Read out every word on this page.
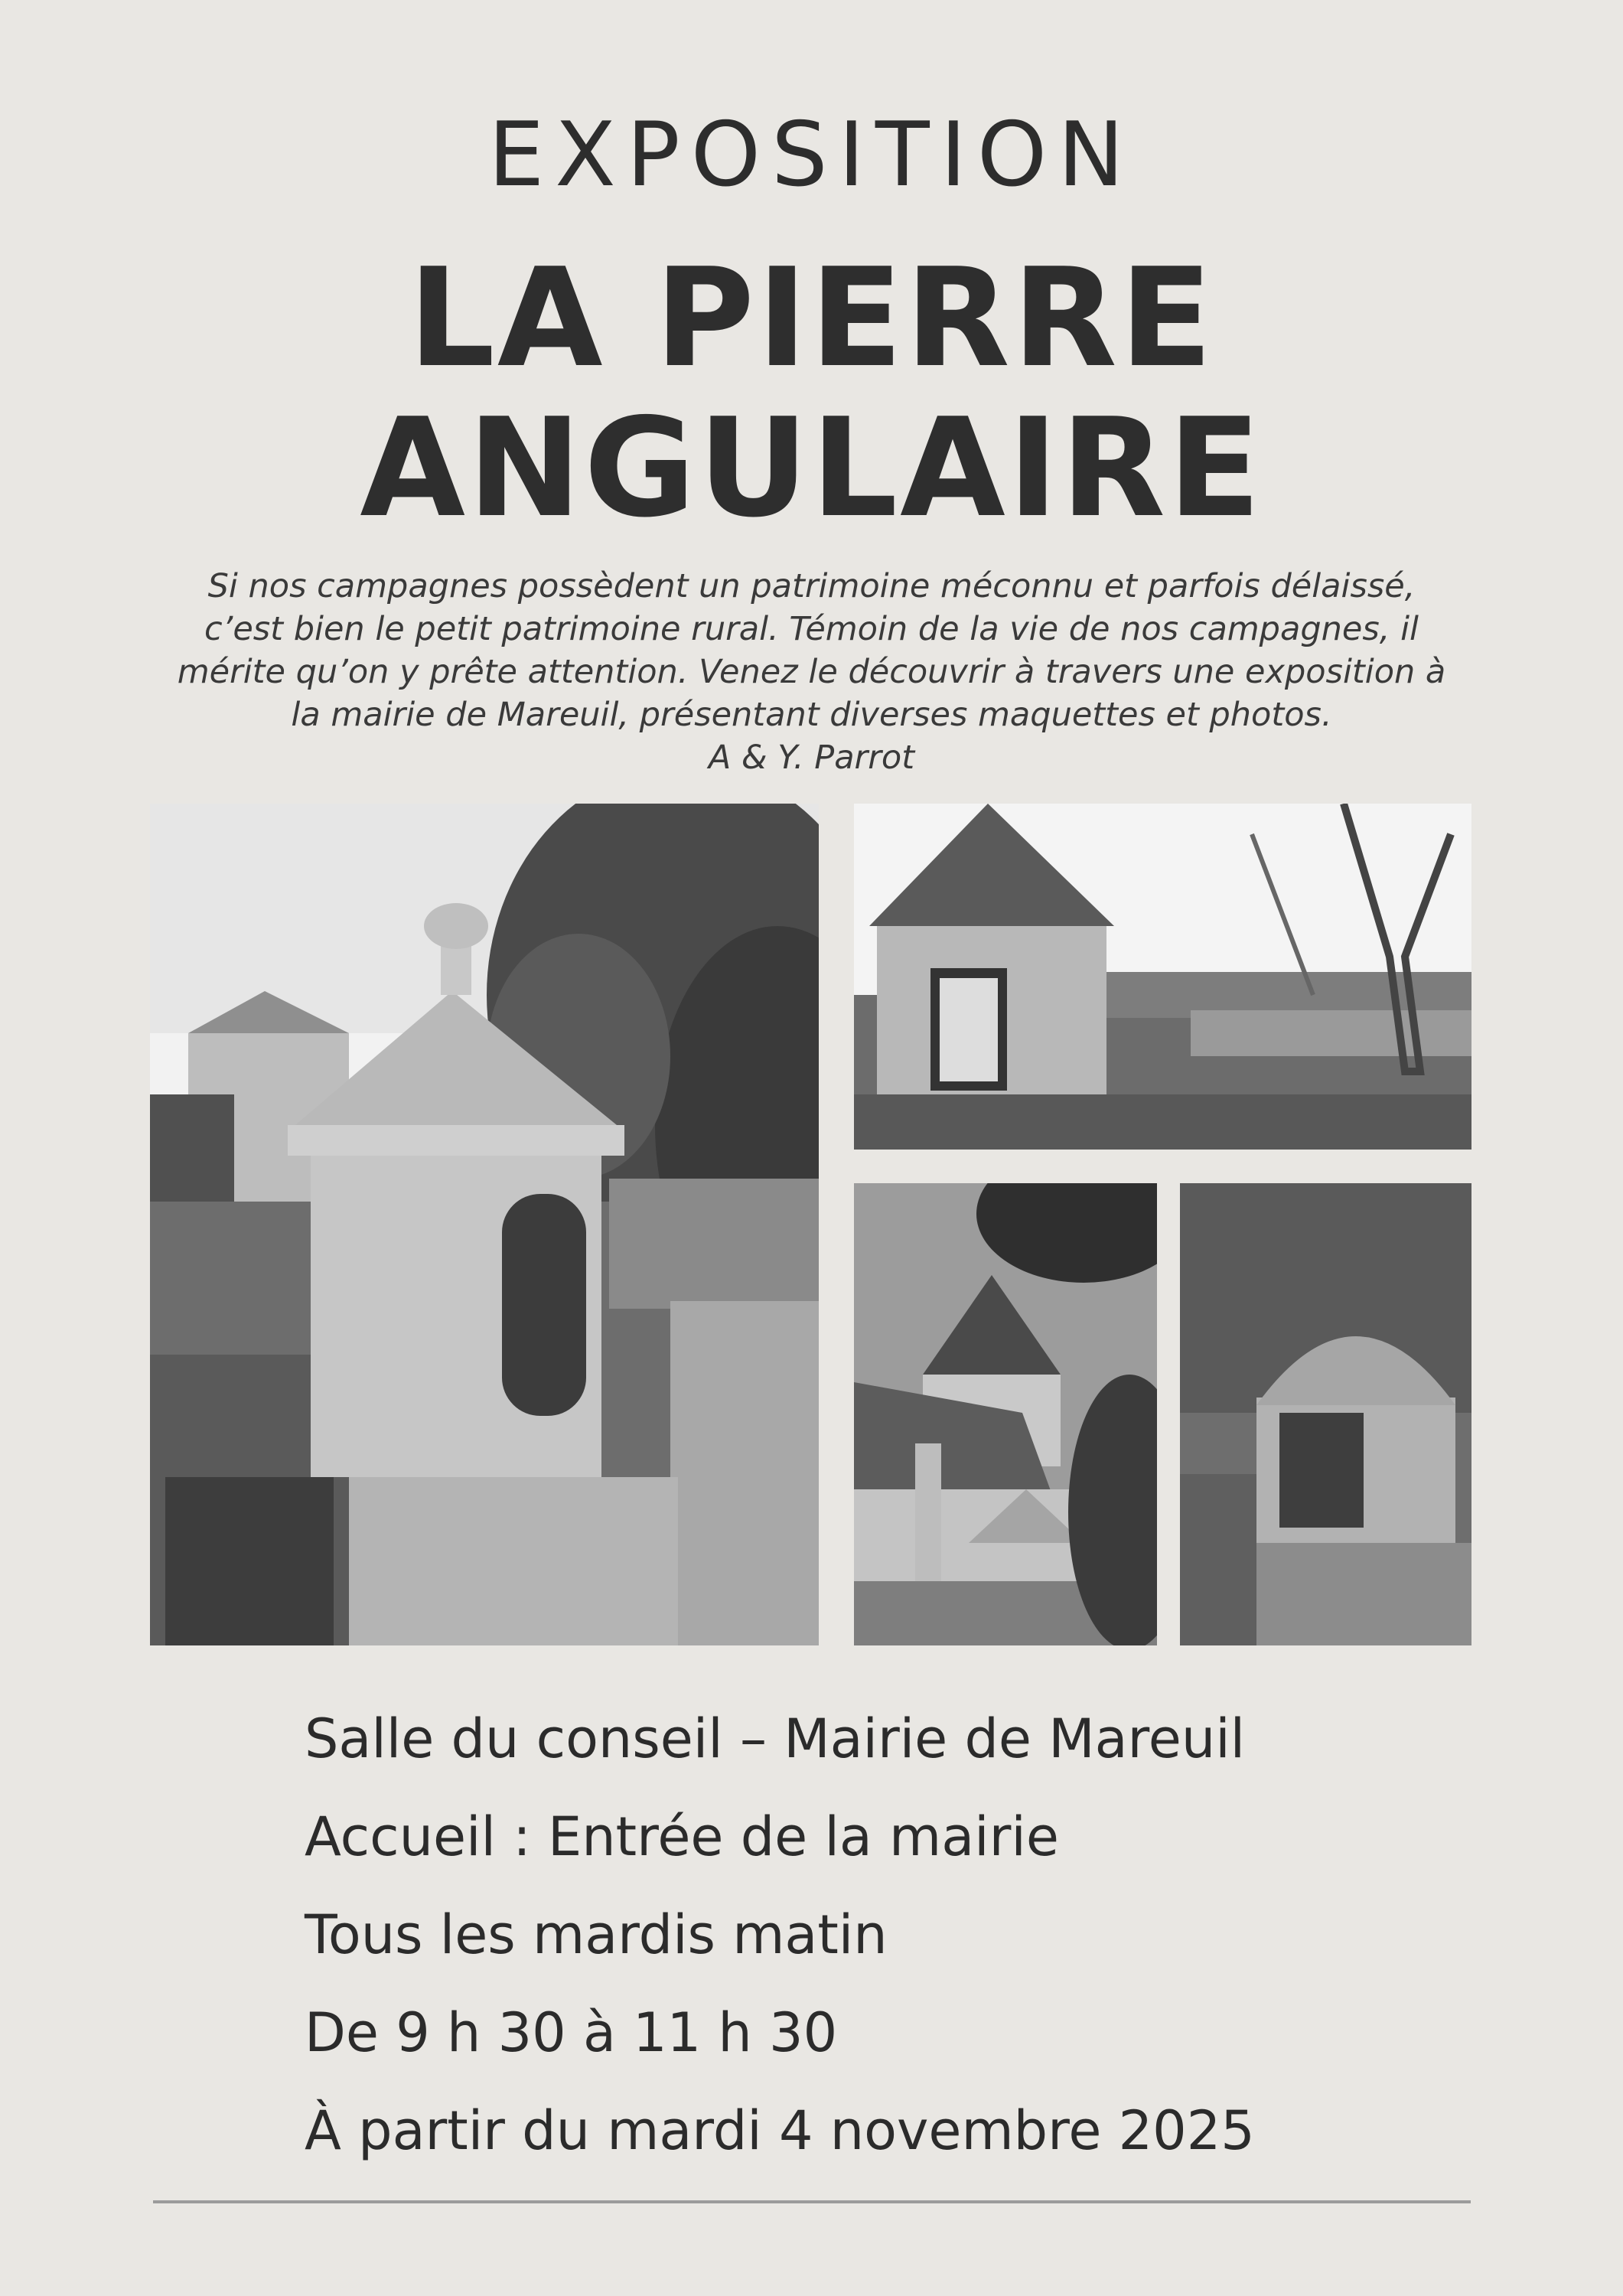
EXPOSITION
LA PIERRE
ANGULAIRE
Si nos campagnes possèdent un patrimoine méconnu et parfois délaissé,
c’est bien le petit patrimoine rural. Témoin de la vie de nos campagnes, il
mérite qu’on y prête attention. Venez le découvrir à travers une exposition à
la mairie de Mareuil, présentant diverses maquettes et photos.
A & Y. Parrot
Salle du conseil – Mairie de Mareuil
Accueil : Entrée de la mairie
Tous les mardis matin
De 9 h 30 à 11 h 30
À partir du mardi 4 novembre 2025
